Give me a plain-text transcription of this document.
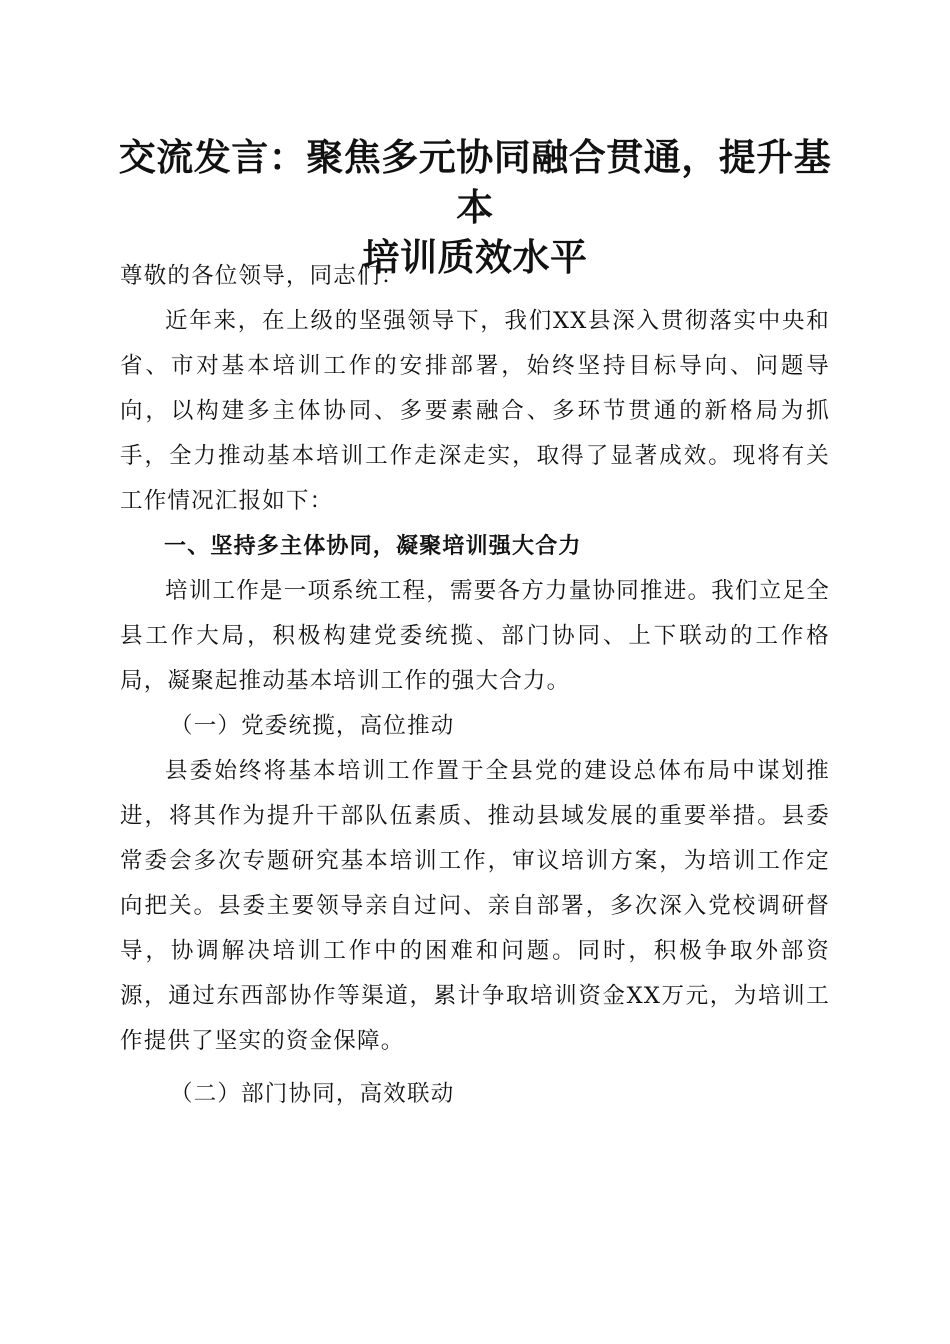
交流发言：聚焦多元协同融合贯通，提升基本
培训质效水平

尊敬的各位领导，同志们：

近年来，在上级的坚强领导下，我们XX县深入贯彻落实中央和省、市对基本培训工作的安排部署，始终坚持目标导向、问题导向，以构建多主体协同、多要素融合、多环节贯通的新格局为抓手，全力推动基本培训工作走深走实，取得了显著成效。现将有关工作情况汇报如下：

一、坚持多主体协同，凝聚培训强大合力

培训工作是一项系统工程，需要各方力量协同推进。我们立足全县工作大局，积极构建党委统揽、部门协同、上下联动的工作格局，凝聚起推动基本培训工作的强大合力。

（一）党委统揽，高位推动

县委始终将基本培训工作置于全县党的建设总体布局中谋划推进，将其作为提升干部队伍素质、推动县域发展的重要举措。县委常委会多次专题研究基本培训工作，审议培训方案，为培训工作定向把关。县委主要领导亲自过问、亲自部署，多次深入党校调研督导，协调解决培训工作中的困难和问题。同时，积极争取外部资源，通过东西部协作等渠道，累计争取培训资金XX万元，为培训工作提供了坚实的资金保障。

（二）部门协同，高效联动
